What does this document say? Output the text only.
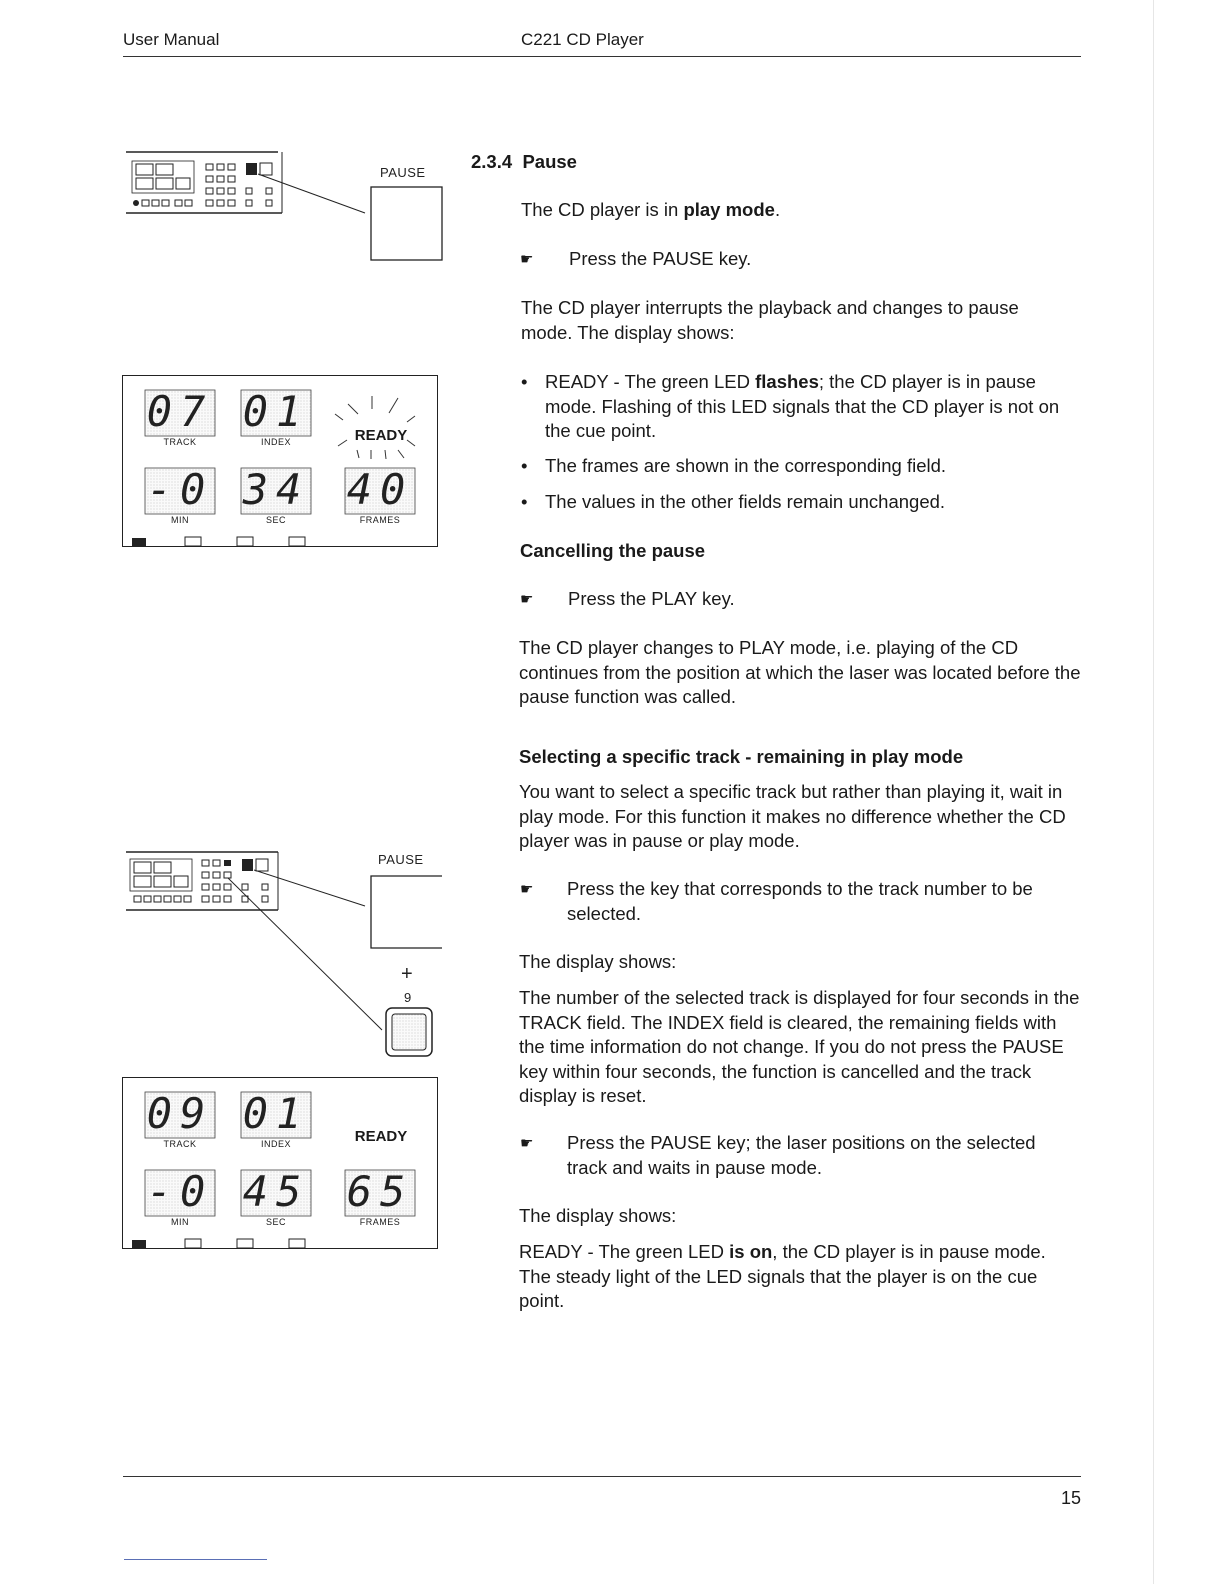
User Manual	C221 CD Player
PAUSE
07 01
-0 34 40
TRACK	INDEX
MIN	SEC	FRAMES
READY
PAUSE
+
9
09 01
-0 45 65
TRACK	INDEX
MIN	SEC	FRAMES
READY
2.3.4 Pause
The CD player is in play mode.
☛ Press the PAUSE key.
The CD player interrupts the playback and changes to pause mode. The display shows:
• READY - The green LED flashes; the CD player is in pause mode. Flashing of this LED signals that the CD player is not on the cue point.
• The frames are shown in the corresponding field.
• The values in the other fields remain unchanged.
Cancelling the pause
☛ Press the PLAY key.
The CD player changes to PLAY mode, i.e. playing of the CD continues from the position at which the laser was located before the pause function was called.
Selecting a specific track - remaining in play mode
You want to select a specific track but rather than playing it, wait in play mode. For this function it makes no difference whether the CD player was in pause or play mode.
☛ Press the key that corresponds to the track number to be selected.
The display shows:
The number of the selected track is displayed for four seconds in the TRACK field. The INDEX field is cleared, the remaining fields with the time information do not change. If you do not press the PAUSE key within four seconds, the function is cancelled and the track display is reset.
☛ Press the PAUSE key; the laser positions on the selected track and waits in pause mode.
The display shows:
READY - The green LED is on, the CD player is in pause mode. The steady light of the LED signals that the player is on the cue point.
15
